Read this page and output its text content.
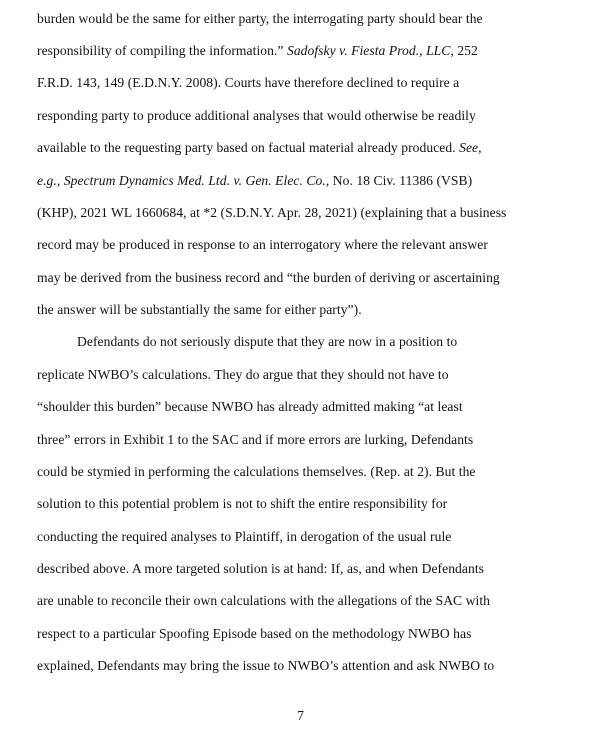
burden would be the same for either party, the interrogating party should bear the
responsibility of compiling the information.” Sadofsky v. Fiesta Prod., LLC, 252
F.R.D. 143, 149 (E.D.N.Y. 2008). Courts have therefore declined to require a
responding party to produce additional analyses that would otherwise be readily
available to the requesting party based on factual material already produced. See,
e.g., Spectrum Dynamics Med. Ltd. v. Gen. Elec. Co., No. 18 Civ. 11386 (VSB)
(KHP), 2021 WL 1660684, at *2 (S.D.N.Y. Apr. 28, 2021) (explaining that a business
record may be produced in response to an interrogatory where the relevant answer
may be derived from the business record and “the burden of deriving or ascertaining
the answer will be substantially the same for either party”).
Defendants do not seriously dispute that they are now in a position to
replicate NWBO’s calculations. They do argue that they should not have to
“shoulder this burden” because NWBO has already admitted making “at least
three” errors in Exhibit 1 to the SAC and if more errors are lurking, Defendants
could be stymied in performing the calculations themselves. (Rep. at 2). But the
solution to this potential problem is not to shift the entire responsibility for
conducting the required analyses to Plaintiff, in derogation of the usual rule
described above. A more targeted solution is at hand: If, as, and when Defendants
are unable to reconcile their own calculations with the allegations of the SAC with
respect to a particular Spoofing Episode based on the methodology NWBO has
explained, Defendants may bring the issue to NWBO’s attention and ask NWBO to
7
